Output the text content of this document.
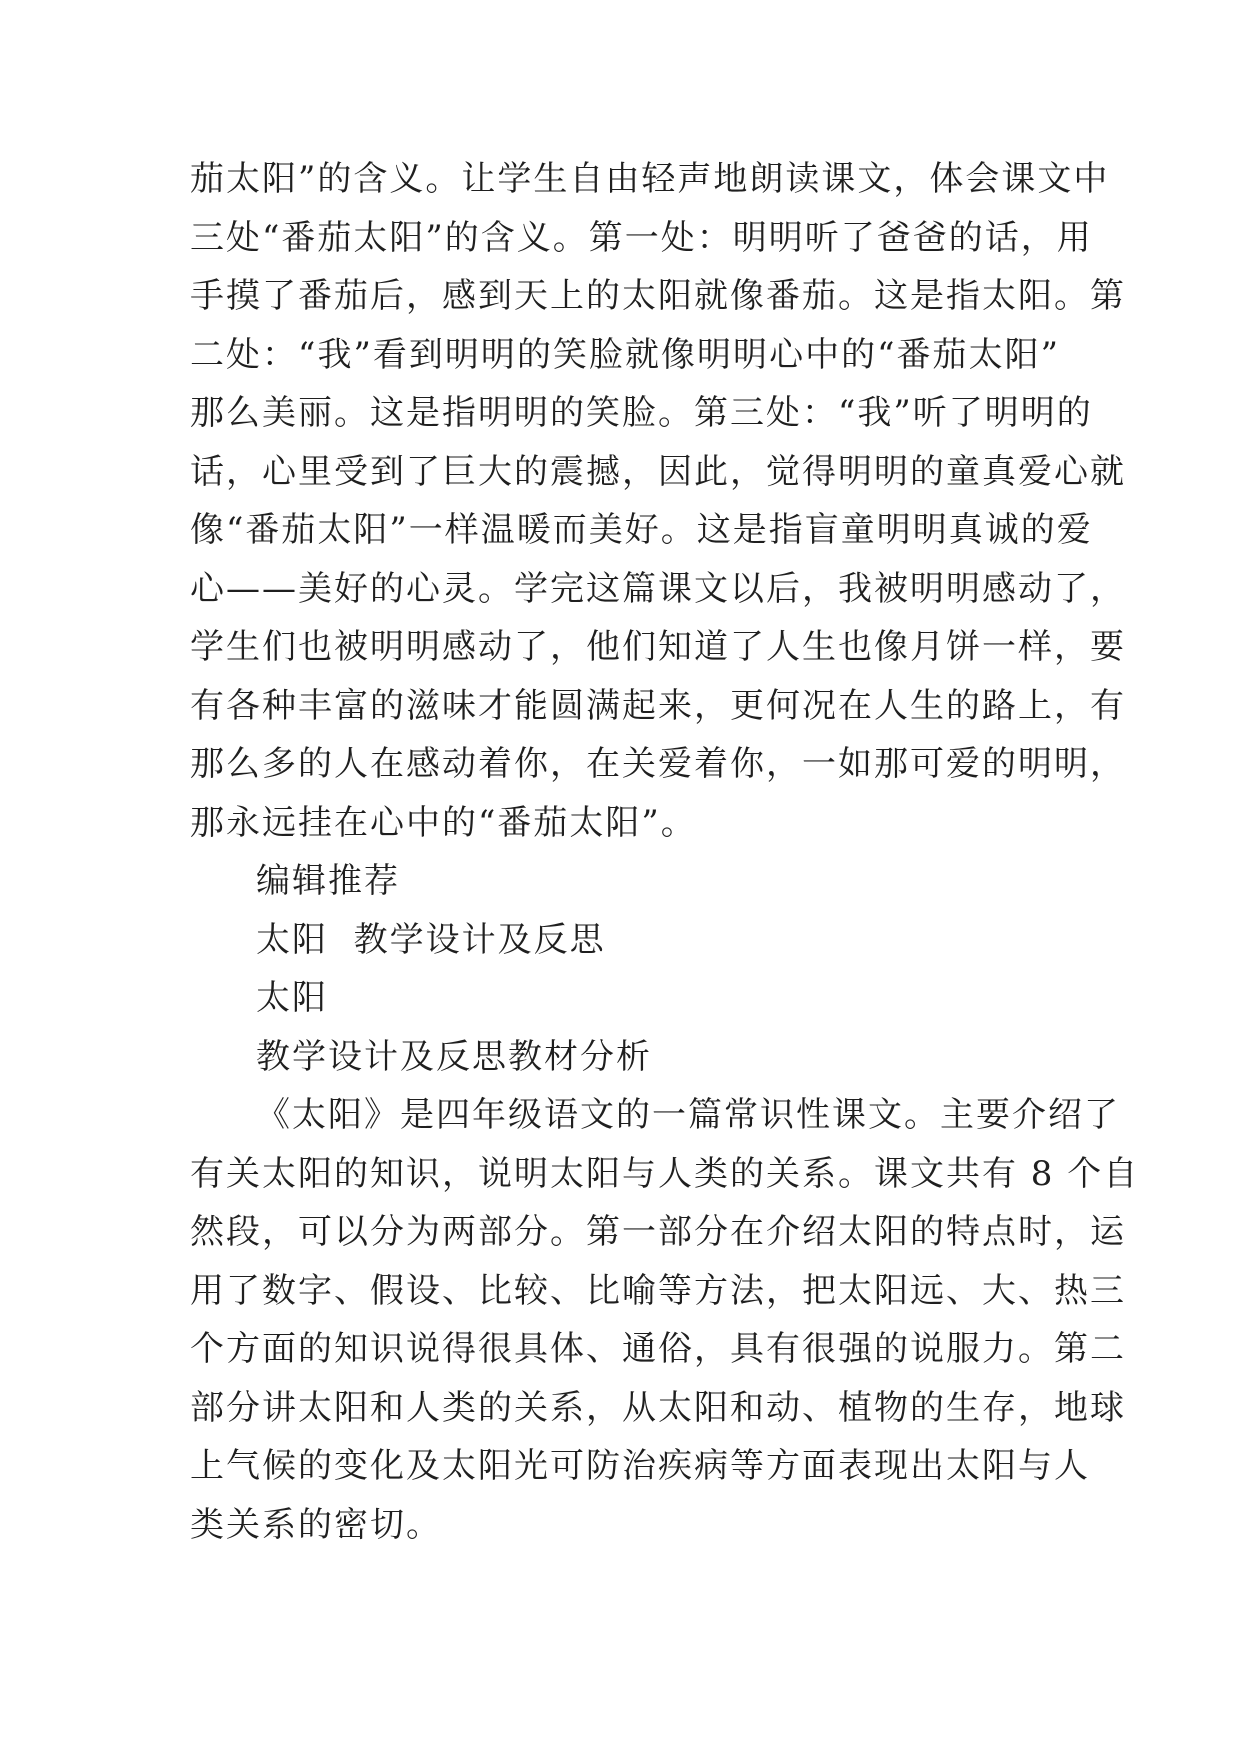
茄太阳”的含义。让学生自由轻声地朗读课文，体会课文中
三处“番茄太阳”的含义。第一处：明明听了爸爸的话，用
手摸了番茄后，感到天上的太阳就像番茄。这是指太阳。第
二处：“我”看到明明的笑脸就像明明心中的“番茄太阳”
那么美丽。这是指明明的笑脸。第三处：“我”听了明明的
话，心里受到了巨大的震撼，因此，觉得明明的童真爱心就
像“番茄太阳”一样温暖而美好。这是指盲童明明真诚的爱
心——美好的心灵。学完这篇课文以后，我被明明感动了，
学生们也被明明感动了，他们知道了人生也像月饼一样，要
有各种丰富的滋味才能圆满起来，更何况在人生的路上，有
那么多的人在感动着你，在关爱着你，一如那可爱的明明，
那永远挂在心中的“番茄太阳”。
编辑推荐
太阳  教学设计及反思
太阳
教学设计及反思教材分析
《太阳》是四年级语文的一篇常识性课文。主要介绍了
有关太阳的知识，说明太阳与人类的关系。课文共有 8 个自
然段，可以分为两部分。第一部分在介绍太阳的特点时，运
用了数字、假设、比较、比喻等方法，把太阳远、大、热三
个方面的知识说得很具体、通俗，具有很强的说服力。第二
部分讲太阳和人类的关系，从太阳和动、植物的生存，地球
上气候的变化及太阳光可防治疾病等方面表现出太阳与人
类关系的密切。
